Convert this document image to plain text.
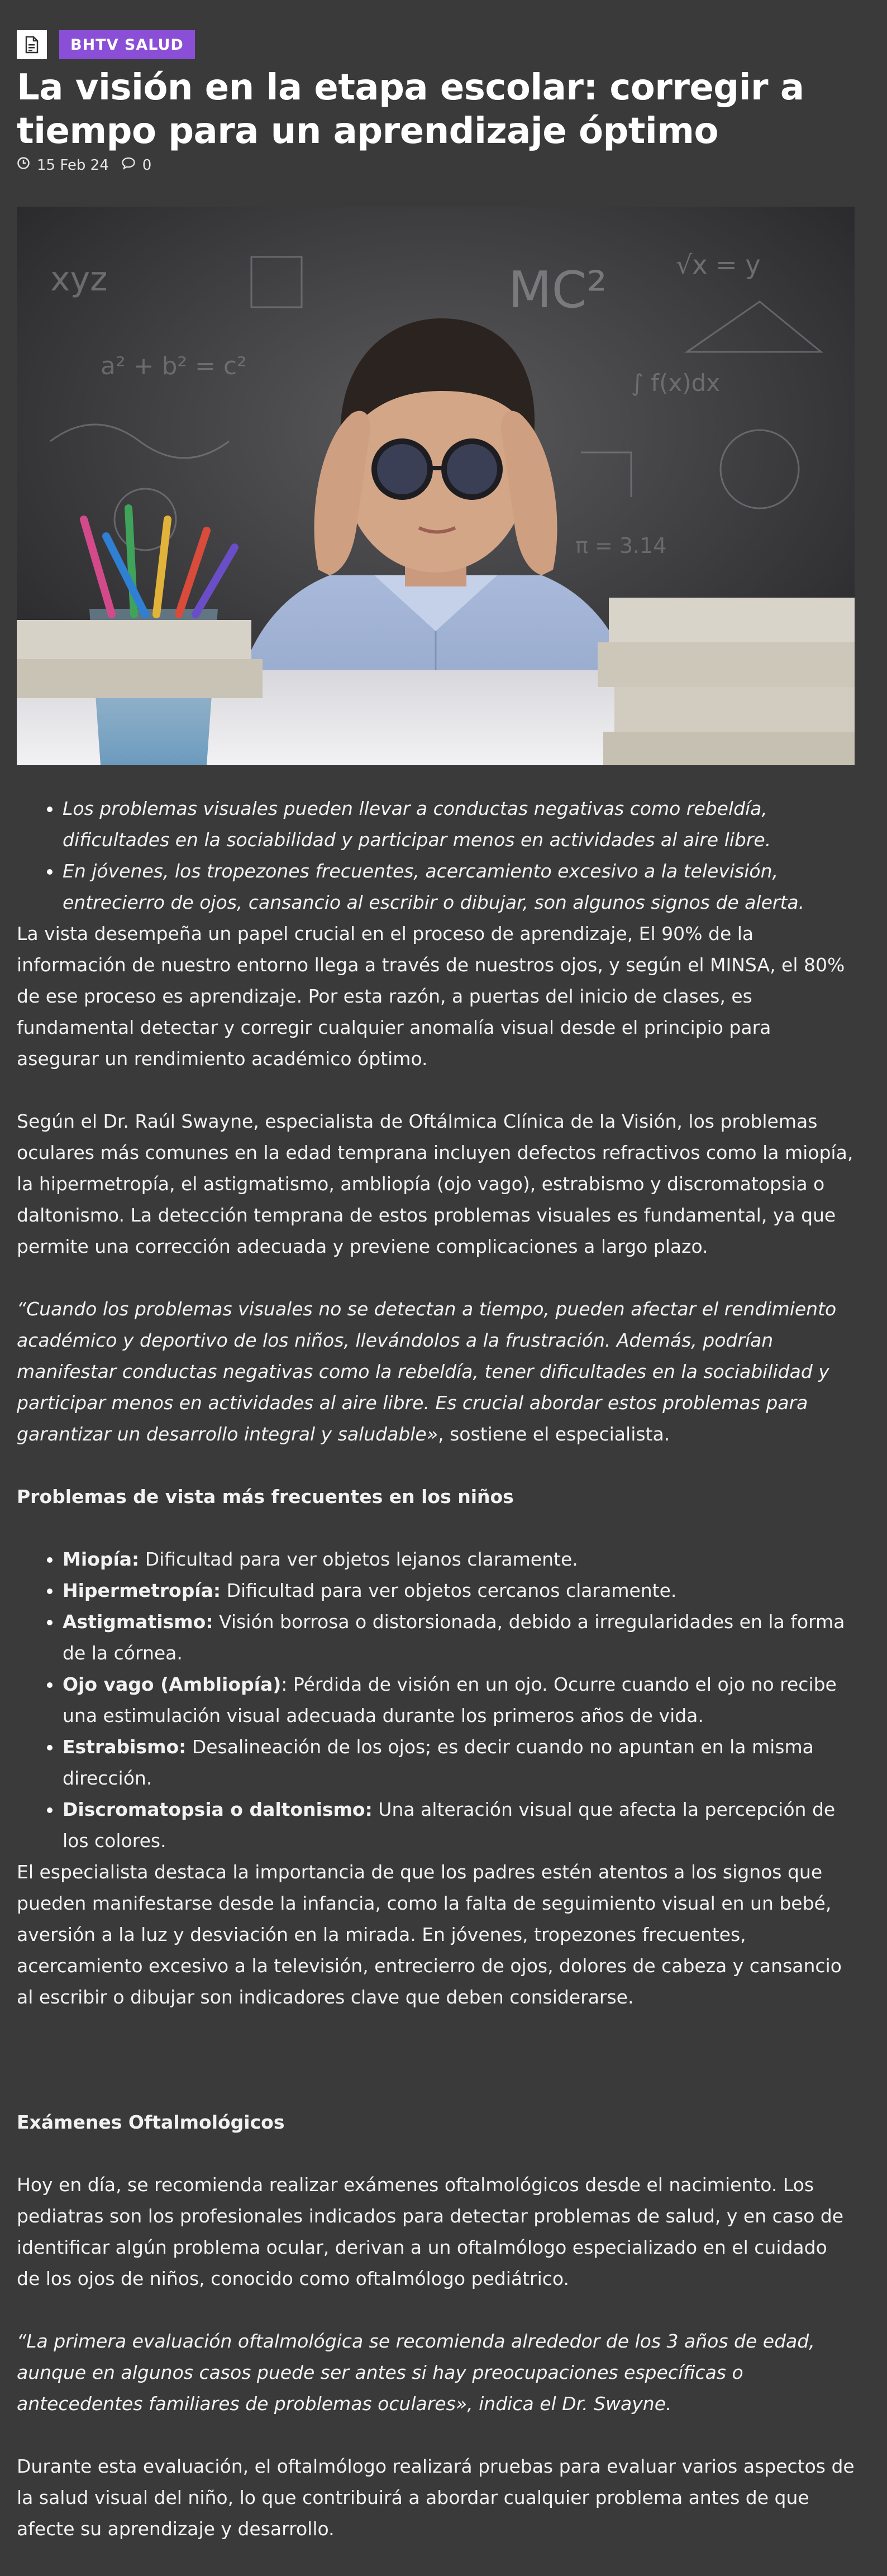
BHTV SALUD
La visión en la etapa escolar: corregir a tiempo para un aprendizaje óptimo
15 Feb 24 0
xyz	MC²	√x = y
a² + b² = c²
∫ f(x)dx
π = 3.14
Los problemas visuales pueden llevar a conductas negativas como rebeldía, dificultades en la sociabilidad y participar menos en actividades al aire libre.
En jóvenes, los tropezones frecuentes, acercamiento excesivo a la televisión, entrecierro de ojos, cansancio al escribir o dibujar, son algunos signos de alerta.

La vista desempeña un papel crucial en el proceso de aprendizaje, El 90% de la información de nuestro entorno llega a través de nuestros ojos, y según el MINSA, el 80% de ese proceso es aprendizaje. Por esta razón, a puertas del inicio de clases, es fundamental detectar y corregir cualquier anomalía visual desde el principio para asegurar un rendimiento académico óptimo.

Según el Dr. Raúl Swayne, especialista de Oftálmica Clínica de la Visión, los problemas oculares más comunes en la edad temprana incluyen defectos refractivos como la miopía, la hipermetropía, el astigmatismo, ambliopía (ojo vago), estrabismo y discromatopsia o daltonismo. La detección temprana de estos problemas visuales es fundamental, ya que permite una corrección adecuada y previene complicaciones a largo plazo.

“Cuando los problemas visuales no se detectan a tiempo, pueden afectar el rendimiento académico y deportivo de los niños, llevándolos a la frustración. Además, podrían manifestar conductas negativas como la rebeldía, tener dificultades en la sociabilidad y participar menos en actividades al aire libre. Es crucial abordar estos problemas para garantizar un desarrollo integral y saludable», sostiene el especialista.

Problemas de vista más frecuentes en los niños
Miopía: Dificultad para ver objetos lejanos claramente.
Hipermetropía: Dificultad para ver objetos cercanos claramente.
Astigmatismo: Visión borrosa o distorsionada, debido a irregularidades en la forma de la córnea.
Ojo vago (Ambliopía): Pérdida de visión en un ojo. Ocurre cuando el ojo no recibe una estimulación visual adecuada durante los primeros años de vida.
Estrabismo: Desalineación de los ojos; es decir cuando no apuntan en la misma dirección.
Discromatopsia o daltonismo: Una alteración visual que afecta la percepción de los colores.

El especialista destaca la importancia de que los padres estén atentos a los signos que pueden manifestarse desde la infancia, como la falta de seguimiento visual en un bebé, aversión a la luz y desviación en la mirada. En jóvenes, tropezones frecuentes, acercamiento excesivo a la televisión, entrecierro de ojos, dolores de cabeza y cansancio al escribir o dibujar son indicadores clave que deben considerarse.

Exámenes Oftalmológicos

Hoy en día, se recomienda realizar exámenes oftalmológicos desde el nacimiento. Los pediatras son los profesionales indicados para detectar problemas de salud, y en caso de identificar algún problema ocular, derivan a un oftalmólogo especializado en el cuidado de los ojos de niños, conocido como oftalmólogo pediátrico.

“La primera evaluación oftalmológica se recomienda alrededor de los 3 años de edad, aunque en algunos casos puede ser antes si hay preocupaciones específicas o antecedentes familiares de problemas oculares», indica el Dr. Swayne.

Durante esta evaluación, el oftalmólogo realizará pruebas para evaluar varios aspectos de la salud visual del niño, lo que contribuirá a abordar cualquier problema antes de que afecte su aprendizaje y desarrollo.
